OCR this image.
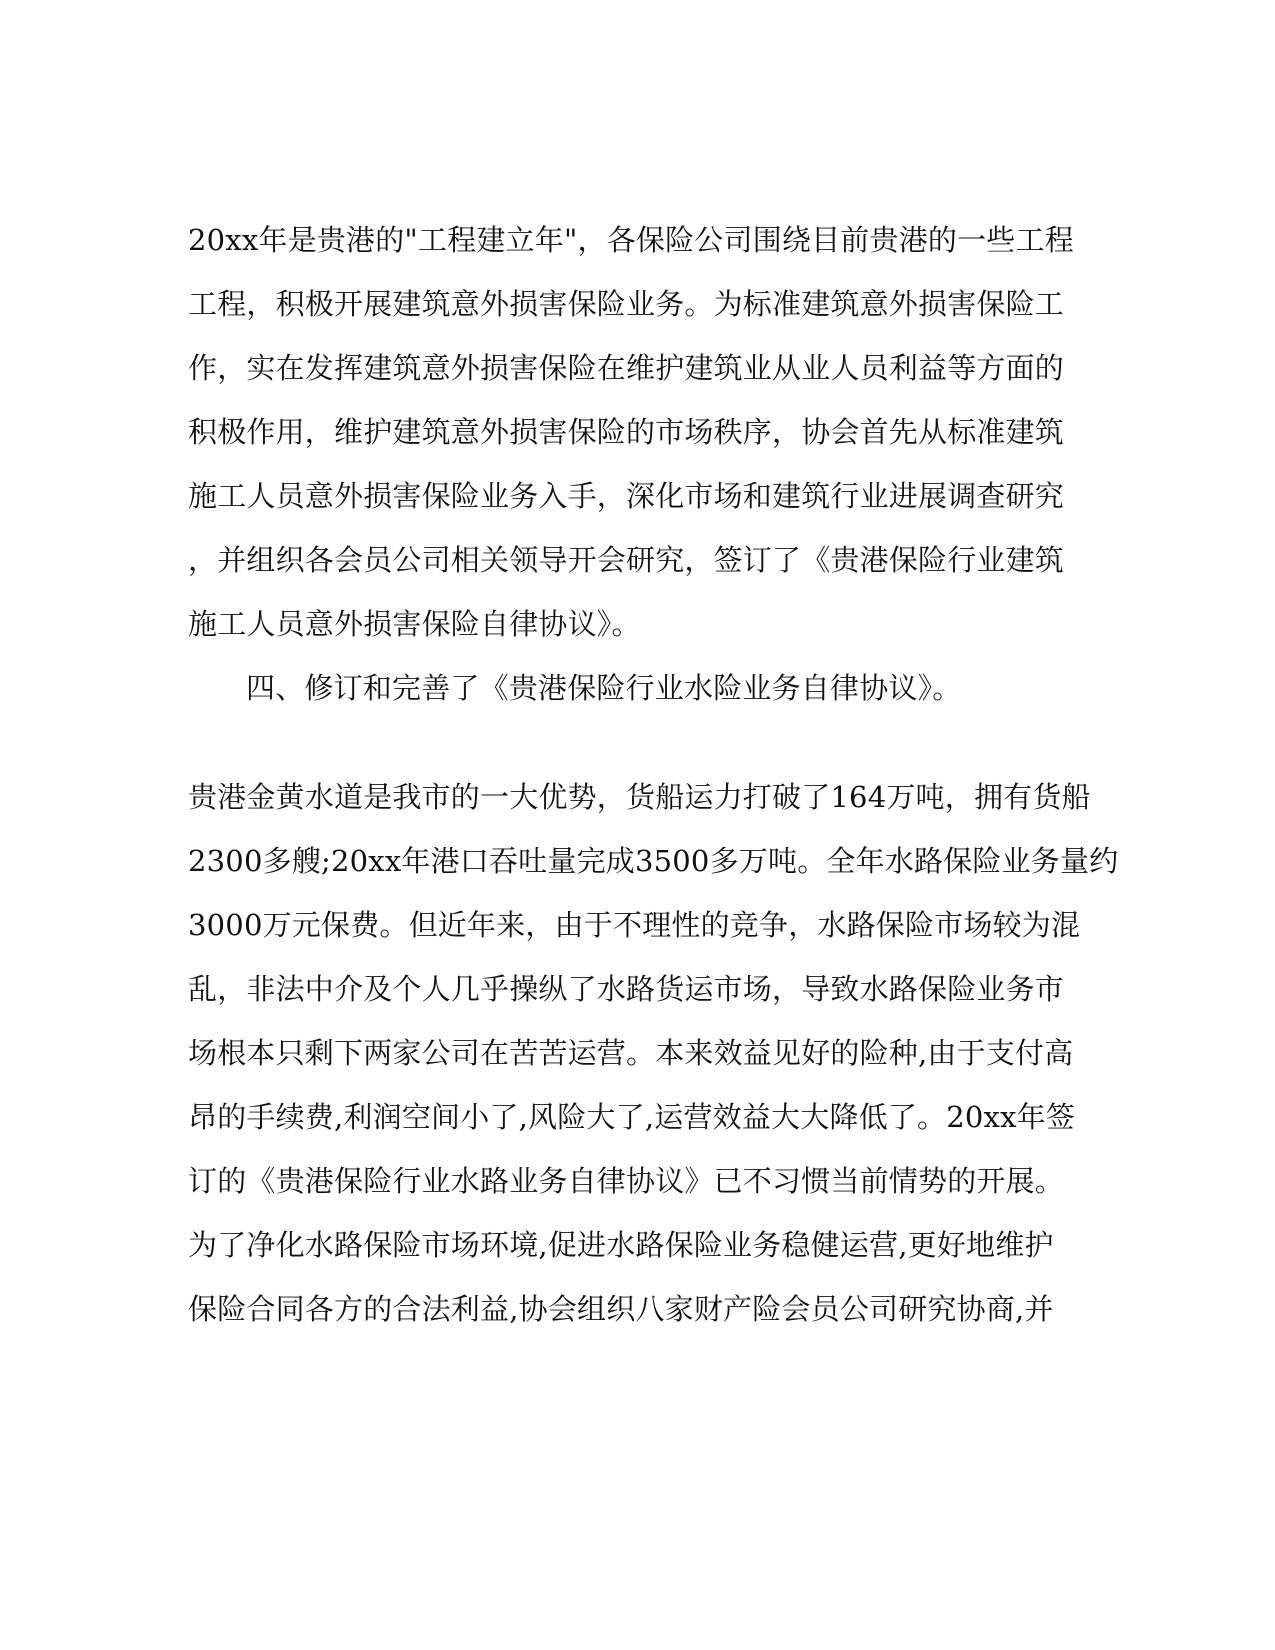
20xx年是贵港的"工程建立年"，各保险公司围绕目前贵港的一些工程
工程，积极开展建筑意外损害保险业务。为标准建筑意外损害保险工
作，实在发挥建筑意外损害保险在维护建筑业从业人员利益等方面的
积极作用，维护建筑意外损害保险的市场秩序，协会首先从标准建筑
施工人员意外损害保险业务入手，深化市场和建筑行业进展调查研究
，并组织各会员公司相关领导开会研究，签订了《贵港保险行业建筑
施工人员意外损害保险自律协议》。
四、修订和完善了《贵港保险行业水险业务自律协议》。
贵港金黄水道是我市的一大优势，货船运力打破了164万吨，拥有货船
2300多艘;20xx年港口吞吐量完成3500多万吨。全年水路保险业务量约
3000万元保费。但近年来，由于不理性的竞争，水路保险市场较为混
乱，非法中介及个人几乎操纵了水路货运市场，导致水路保险业务市
场根本只剩下两家公司在苦苦运营。本来效益见好的险种,由于支付高
昂的手续费,利润空间小了,风险大了,运营效益大大降低了。20xx年签
订的《贵港保险行业水路业务自律协议》已不习惯当前情势的开展。
为了净化水路保险市场环境,促进水路保险业务稳健运营,更好地维护
保险合同各方的合法利益,协会组织八家财产险会员公司研究协商,并
